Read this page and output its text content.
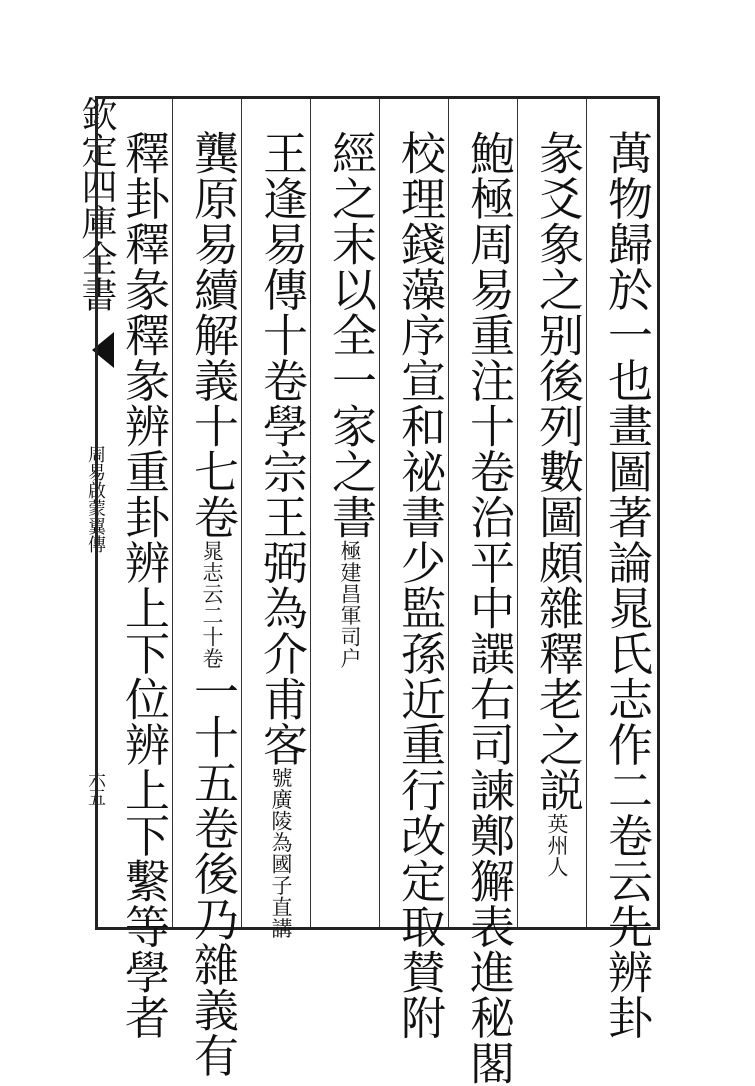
欽定四庫全書
周易啟蒙翼傳
六五	萬物歸於一也畫圖著論晁氏志作二卷云先辨卦
彖爻象之别後列數圖頗雜釋老之説英州人
鮑極周易重注十卷治平中譔右司諫鄭獬表進秘閣
校理錢藻序宣和祕書少監孫近重行改定取賛附
經之末以全一家之書極建昌軍司户
王逢易傳十卷學宗王弼為介甫客號廣陵為國子直講
龔原易續解義十七卷晁志云二十卷一十五卷後乃雜義有
釋卦釋彖釋彖辨重卦辨上下位辨上下繫等學者
